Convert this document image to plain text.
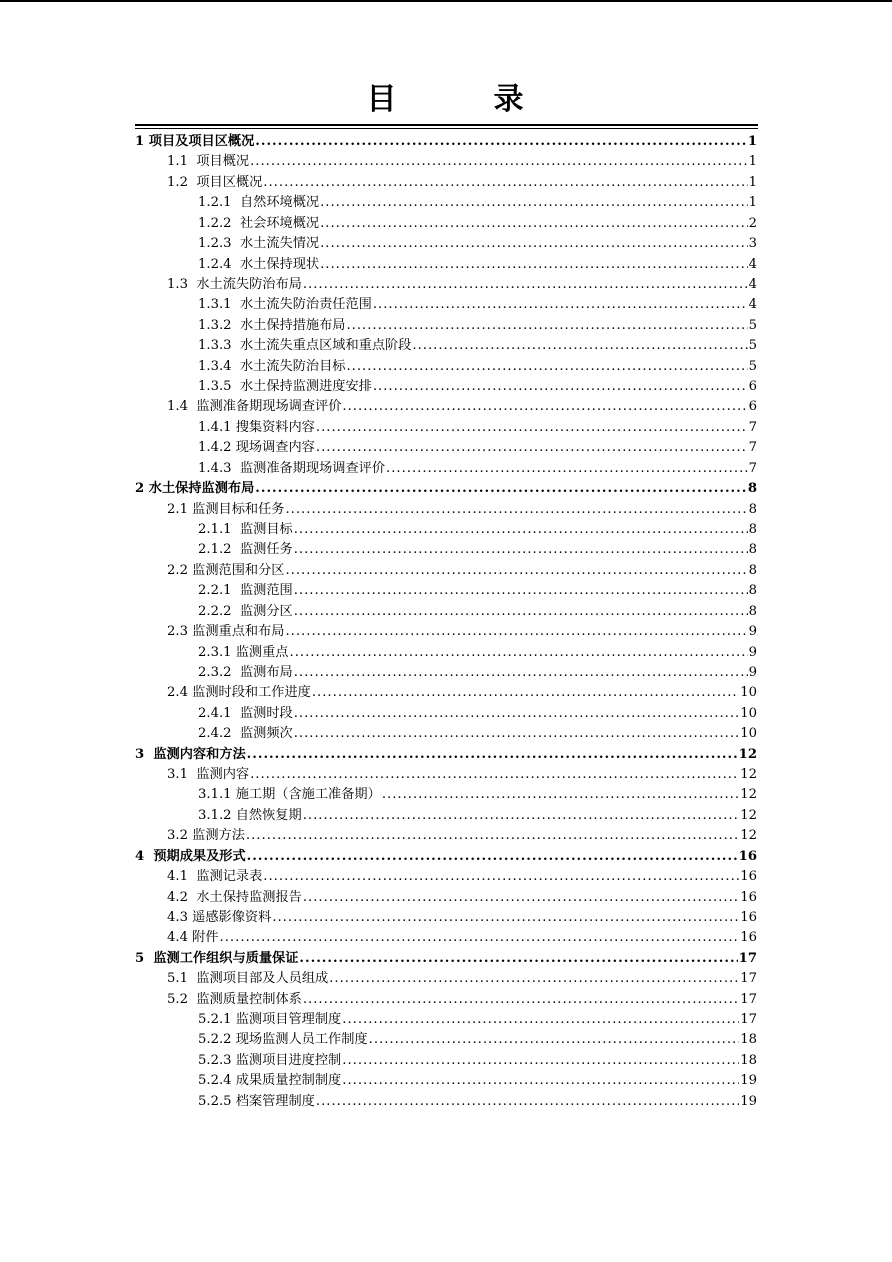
目	录
1 项目及项目区概况 .....	1
1.1  项目概况 .....	1
1.2  项目区概况 .....	1
1.2.1  自然环境概况 .....	1
1.2.2  社会环境概况 .....	2
1.2.3  水土流失情况 .....	3
1.2.4  水土保持现状 .....	4
1.3  水土流失防治布局 .....	4
1.3.1  水土流失防治责任范围 .....	4
1.3.2  水土保持措施布局 .....	5
1.3.3  水土流失重点区域和重点阶段 .....	5
1.3.4  水土流失防治目标 .....	5
1.3.5  水土保持监测进度安排 .....	6
1.4  监测准备期现场调查评价 .....	6
1.4.1 搜集资料内容 .....	7
1.4.2 现场调查内容 .....	7
1.4.3  监测准备期现场调查评价 .....	7
2 水土保持监测布局 .....	8
2.1 监测目标和任务 .....	8
2.1.1  监测目标 .....	8
2.1.2  监测任务 .....	8
2.2 监测范围和分区 .....	8
2.2.1  监测范围 .....	8
2.2.2  监测分区 .....	8
2.3 监测重点和布局 .....	9
2.3.1 监测重点 .....	9
2.3.2  监测布局 .....	9
2.4 监测时段和工作进度 .....	10
2.4.1  监测时段 .....	10
2.4.2  监测频次 .....	10
3  监测内容和方法 .....	12
3.1  监测内容 .....	12
3.1.1 施工期（含施工准备期） .....	12
3.1.2 自然恢复期 .....	12
3.2 监测方法 .....	12
4  预期成果及形式 .....	16
4.1  监测记录表 .....	16
4.2  水土保持监测报告 .....	16
4.3 遥感影像资料 .....	16
4.4 附件 .....	16
5  监测工作组织与质量保证 .....	17
5.1  监测项目部及人员组成 .....	17
5.2  监测质量控制体系 .....	17
5.2.1 监测项目管理制度 .....	17
5.2.2 现场监测人员工作制度 .....	18
5.2.3 监测项目进度控制 .....	18
5.2.4 成果质量控制制度 .....	19
5.2.5 档案管理制度 .....	19
